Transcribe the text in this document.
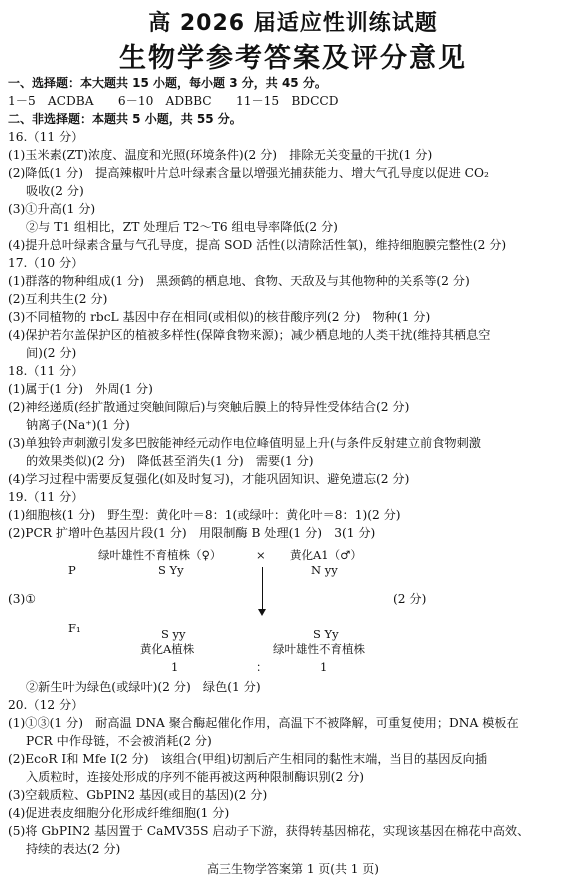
高 2026 届适应性训练试题
生物学参考答案及评分意见
一、选择题：本大题共 15 小题，每小题 3 分，共 45 分。
1－5　ACDBA　　6－10　ADBBC　　11－15　BDCCD
二、非选择题：本题共 5 小题，共 55 分。
16.（11 分）
(1)玉米素(ZT)浓度、温度和光照(环境条件)(2 分)　排除无关变量的干扰(1 分)
(2)降低(1 分)　提高辣椒叶片总叶绿素含量以增强光捕获能力、增大气孔导度以促进 CO₂
吸收(2 分)
(3)①升高(1 分)
②与 T1 组相比，ZT 处理后 T2～T6 组电导率降低(2 分)
(4)提升总叶绿素含量与气孔导度，提高 SOD 活性(以清除活性氧)，维持细胞膜完整性(2 分)
17.（10 分）
(1)群落的物种组成(1 分)　黑颈鹤的栖息地、食物、天敌及与其他物种的关系等(2 分)
(2)互利共生(2 分)
(3)不同植物的 rbcL 基因中存在相同(或相似)的核苷酸序列(2 分)　物种(1 分)
(4)保护若尔盖保护区的植被多样性(保障食物来源)；减少栖息地的人类干扰(维持其栖息空
间)(2 分)
18.（11 分）
(1)属于(1 分)　外周(1 分)
(2)神经递质(经扩散通过突触间隙后)与突触后膜上的特异性受体结合(2 分)
钠离子(Na⁺)(1 分)
(3)单独铃声刺激引发多巴胺能神经元动作电位峰值明显上升(与条件反射建立前食物刺激
的效果类似)(2 分)　降低甚至消失(1 分)　需要(1 分)
(4)学习过程中需要反复强化(如及时复习)，才能巩固知识、避免遗忘(2 分)
19.（11 分）
(1)细胞核(1 分)　野生型：黄化叶＝8：1(或绿叶：黄化叶＝8：1)(2 分)
(2)PCR 扩增叶色基因片段(1 分)　用限制酶 B 处理(1 分)　3(1 分)
(3)①	(2 分)
P
F₁
绿叶雄性不育植株（♀）
S Yy
× 黄化A1（♂）
N yy
S yy
黄化A植株
S Yy
绿叶雄性不育植株
1	：	1
②新生叶为绿色(或绿叶)(2 分)　绿色(1 分)
20.（12 分）
(1)①③(1 分)　耐高温 DNA 聚合酶起催化作用，高温下不被降解，可重复使用；DNA 模板在
PCR 中作母链，不会被消耗(2 分)
(2)EcoR Ⅰ和 Mfe Ⅰ(2 分)　该组合(甲组)切割后产生相同的黏性末端，当目的基因反向插
入质粒时，连接处形成的序列不能再被这两种限制酶识别(2 分)
(3)空载质粒、GbPIN2 基因(或目的基因)(2 分)
(4)促进表皮细胞分化形成纤维细胞(1 分)
(5)将 GbPIN2 基因置于 CaMV35S 启动子下游，获得转基因棉花，实现该基因在棉花中高效、
持续的表达(2 分)
高三生物学答案第 1 页(共 1 页)
